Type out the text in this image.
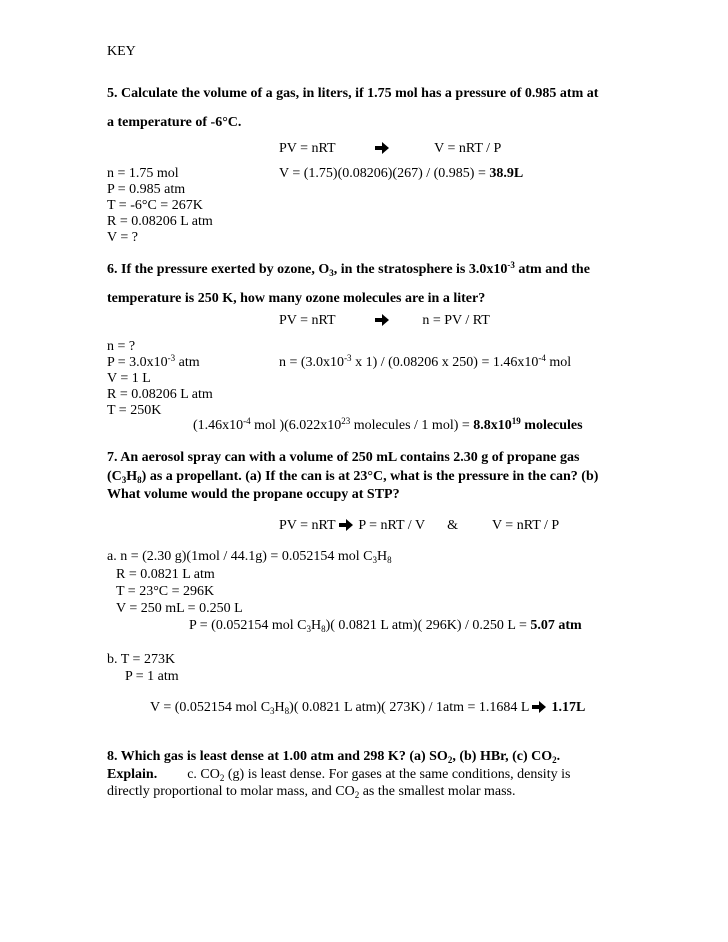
KEY
5. Calculate the volume of a gas, in liters, if 1.75 mol has a pressure of 0.985 atm at
a temperature of -6°C.
PV = nRT	V = nRT / P
n = 1.75 mol	V = (1.75)(0.08206)(267) / (0.985) = 38.9L
P = 0.985 atm
T = -6°C = 267K
R = 0.08206 L atm
V = ?
6. If the pressure exerted by ozone, $O_3$, in the stratosphere is $3.0x10^{-3}$ atm and the
temperature is 250 K, how many ozone molecules are in a liter?
PV = nRT	n = PV / RT
n = ?
$P = 3.0x10^{-3}$ atm	$n = (3.0x10^{-3}$ x 1) / (0.08206 x $250) = 1.46x10^{-4}$ mol
V = 1 L
R = 0.08206 L atm
T = 250K
($1.46x10^{-4}$ mol )($6.022x10^{23}$ molecules / 1 $mol) = 8.8x10^{19}$ molecules
7. An aerosol spray can with a volume of 250 mL contains 2.30 g of propane gas
$(C_3H_8)$ as a propellant. (a) If the can is at 23°C, what is the pressure in the can? (b)
What volume would the propane occupy at STP?
PV = nRT  P = nRT / V & V = nRT / P
a. n = (2.30 g)(1mol / 44.1g) = 0.052154 mol $C_3H_8$
R = 0.0821 L atm
T = 23°C = 296K
V = 250 mL = 0.250 L
P = (0.052154 mol $C_3H_8$)( 0.0821 L atm)( 296K) / 0.250 L = 5.07 atm
b. T = 273K
P = 1 atm
V = (0.052154 mol $C_3H_8$)( 0.0821 L atm)( 273K) / 1atm = 1.1684 L 1.17L
8. Which gas is least dense at 1.00 atm and 298 K? (a) $SO_2$, (b) HBr, (c) $CO_2$.
Explain. c. $CO_2$ (g) is least dense. For gases at the same conditions, density is
directly proportional to molar mass, and $CO_2$ as the smallest molar mass.
